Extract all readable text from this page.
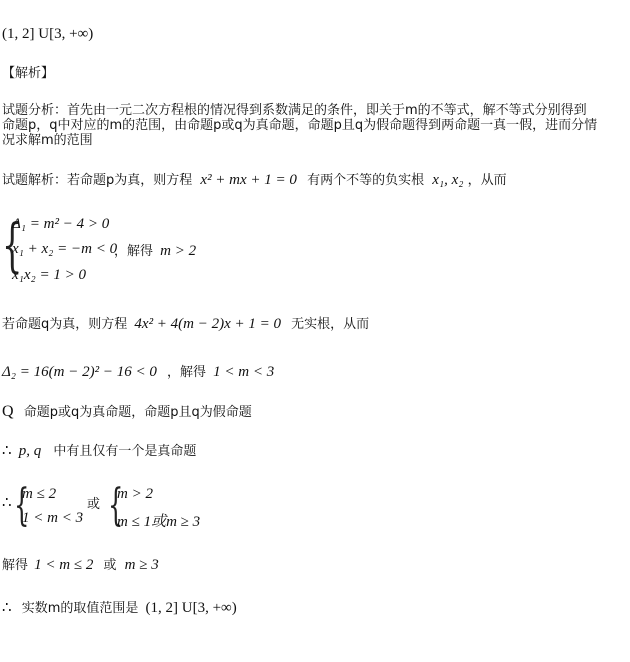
(1, 2] U[3, +∞)
【解析】
试题分析：首先由一元二次方程根的情况得到系数满足的条件，即关于m的不等式，解不等式分别得到
命题p，q中对应的m的范围，由命题p或q为真命题，命题p且q为假命题得到两命题一真一假，进而分情
况求解m的范围
试题解析：若命题p为真，则方程 x² + mx + 1 = 0 有两个不等的负实根 x₁, x₂ ，从而
{
Δ₁ = m² − 4 > 0
x₁ + x₂ = −m < 0
x₁x₂ = 1 > 0
，解得 m > 2
若命题q为真，则方程 4x² + 4(m − 2)x + 1 = 0 无实根，从而
Δ₂ = 16(m − 2)² − 16 < 0 ，解得 1 < m < 3
Q 命题p或q为真命题，命题p且q为假命题
∴ p, q 中有且仅有一个是真命题
∴ {
m ≤ 2
1 < m < 3
或 {
m > 2
m ≤ 1或m ≥ 3
解得 1 < m ≤ 2 或 m ≥ 3
∴ 实数m的取值范围是 (1, 2] U[3, +∞)
